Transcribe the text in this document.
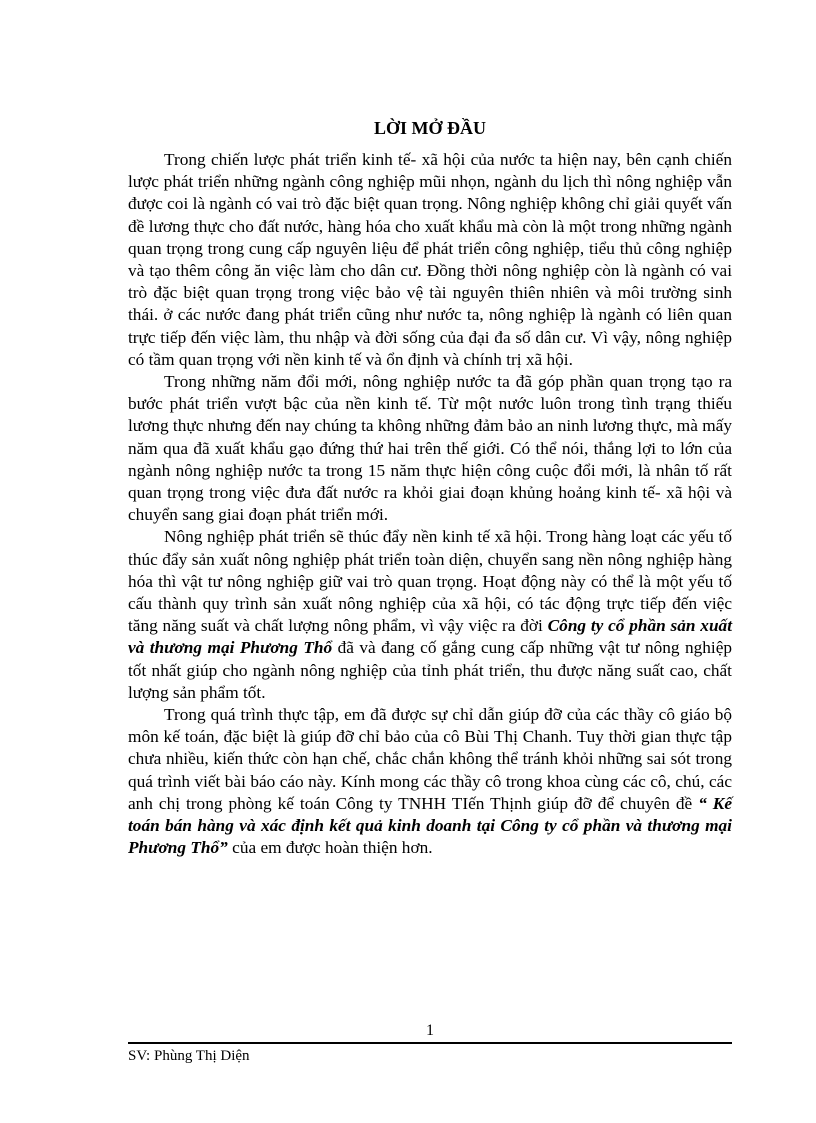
LỜI MỞ ĐẦU

Trong chiến lược phát triển kinh tế- xã hội của nước ta hiện nay, bên cạnh chiến lược phát triển những ngành công nghiệp mũi nhọn, ngành du lịch thì nông nghiệp vẫn được coi là ngành có vai trò đặc biệt quan trọng. Nông nghiệp không chỉ giải quyết vấn đề lương thực cho đất nước, hàng hóa cho xuất khẩu mà còn là một trong những ngành quan trọng trong cung cấp nguyên liệu để phát triển công nghiệp, tiểu thủ công nghiệp và tạo thêm công ăn việc làm cho dân cư. Đồng thời nông nghiệp còn là ngành có vai trò đặc biệt quan trọng trong việc bảo vệ tài nguyên thiên nhiên và môi trường sinh thái. ở các nước đang phát triển cũng như nước ta, nông nghiệp là ngành có liên quan trực tiếp đến việc làm, thu nhập và đời sống của đại đa số dân cư. Vì vậy, nông nghiệp có tầm quan trọng với nền kinh tế và ổn định và chính trị xã hội.

Trong những năm đổi mới, nông nghiệp nước ta đã góp phần quan trọng tạo ra bước phát triển vượt bậc của nền kinh tế. Từ một nước luôn trong tình trạng thiếu lương thực nhưng đến nay chúng ta không những đảm bảo an ninh lương thực, mà mấy năm qua đã xuất khẩu gạo đứng thứ hai trên thế giới. Có thể nói, thắng lợi to lớn của ngành nông nghiệp nước ta trong 15 năm thực hiện công cuộc đổi mới, là nhân tố rất quan trọng trong việc đưa đất nước ra khỏi giai đoạn khủng hoảng kinh tế- xã hội và chuyển sang giai đoạn phát triển mới.

Nông nghiệp phát triển sẽ thúc đẩy nền kinh tế xã hội. Trong hàng loạt các yếu tố thúc đẩy sản xuất nông nghiệp phát triển toàn diện, chuyển sang nền nông nghiệp hàng hóa thì vật tư nông nghiệp giữ vai trò quan trọng. Hoạt động này có thể là một yếu tố cấu thành quy trình sản xuất nông nghiệp của xã hội, có tác động trực tiếp đến việc tăng năng suất và chất lượng nông phẩm, vì vậy việc ra đời Công ty cổ phần sản xuất và thương mại Phương Thổ đã và đang cố gắng cung cấp những vật tư nông nghiệp tốt nhất giúp cho ngành nông nghiệp của tỉnh phát triển, thu được năng suất cao, chất lượng sản phẩm tốt.

Trong quá trình thực tập, em đã được sự chỉ dẫn giúp đỡ của các thầy cô giáo bộ môn kế toán, đặc biệt là giúp đỡ chỉ bảo của cô Bùi Thị Chanh. Tuy thời gian thực tập chưa nhiều, kiến thức còn hạn chế, chắc chắn không thể tránh khỏi những sai sót trong quá trình viết bài báo cáo này. Kính mong các thầy cô trong khoa cùng các cô, chú, các anh chị trong phòng kế toán Công ty TNHH TIến Thịnh giúp đỡ để chuyên đề “ Kế toán bán hàng và xác định kết quả kinh doanh tại Công ty cổ phần và thương mại Phương Thổ” của em được hoàn thiện hơn.

1
SV: Phùng Thị Diện
